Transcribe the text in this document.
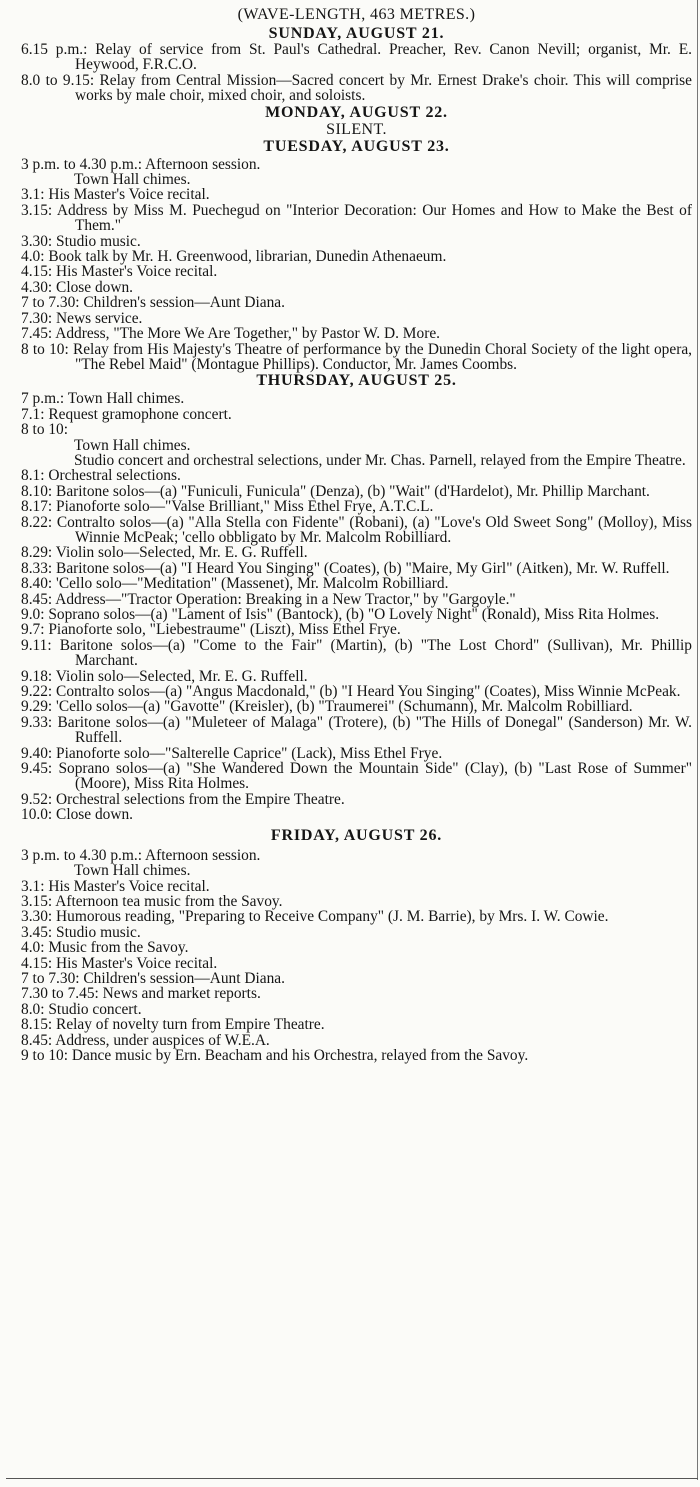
(WAVE-LENGTH, 463 METRES.)

SUNDAY, AUGUST 21.

6.15 p.m.: Relay of service from St. Paul's Cathedral. Preacher, Rev. Canon Nevill; organist, Mr. E. Heywood, F.R.C.O.

8.0 to 9.15: Relay from Central Mission—Sacred concert by Mr. Ernest Drake's choir. This will comprise works by male choir, mixed choir, and soloists.

MONDAY, AUGUST 22.

SILENT.

TUESDAY, AUGUST 23.

3 p.m. to 4.30 p.m.: Afternoon session.

Town Hall chimes.

3.1: His Master's Voice recital.

3.15: Address by Miss M. Puechegud on "Interior Decoration: Our Homes and How to Make the Best of Them."

3.30: Studio music.

4.0: Book talk by Mr. H. Greenwood, librarian, Dunedin Athenaeum.

4.15: His Master's Voice recital.

4.30: Close down.

7 to 7.30: Children's session—Aunt Diana.

7.30: News service.

7.45: Address, "The More We Are Together," by Pastor W. D. More.

8 to 10: Relay from His Majesty's Theatre of performance by the Dunedin Choral Society of the light opera, "The Rebel Maid" (Montague Phillips). Conductor, Mr. James Coombs.

THURSDAY, AUGUST 25.

7 p.m.: Town Hall chimes.

7.1: Request gramophone concert.

8 to 10:

Town Hall chimes.

Studio concert and orchestral selections, under Mr. Chas. Parnell, relayed from the Empire Theatre.

8.1: Orchestral selections.

8.10: Baritone solos—(a) "Funiculi, Funicula" (Denza), (b) "Wait" (d'Hardelot), Mr. Phillip Marchant.

8.17: Pianoforte solo—"Valse Brilliant," Miss Ethel Frye, A.T.C.L.

8.22: Contralto solos—(a) "Alla Stella con Fidente" (Robani), (a) "Love's Old Sweet Song" (Molloy), Miss Winnie McPeak; 'cello obbligato by Mr. Malcolm Robilliard.

8.29: Violin solo—Selected, Mr. E. G. Ruffell.

8.33: Baritone solos—(a) "I Heard You Singing" (Coates), (b) "Maire, My Girl" (Aitken), Mr. W. Ruffell.

8.40: 'Cello solo—"Meditation" (Massenet), Mr. Malcolm Robilliard.

8.45: Address—"Tractor Operation: Breaking in a New Tractor," by "Gargoyle."

9.0: Soprano solos—(a) "Lament of Isis" (Bantock), (b) "O Lovely Night" (Ronald), Miss Rita Holmes.

9.7: Pianoforte solo, "Liebestraume" (Liszt), Miss Ethel Frye.

9.11: Baritone solos—(a) "Come to the Fair" (Martin), (b) "The Lost Chord" (Sullivan), Mr. Phillip Marchant.

9.18: Violin solo—Selected, Mr. E. G. Ruffell.

9.22: Contralto solos—(a) "Angus Macdonald," (b) "I Heard You Singing" (Coates), Miss Winnie McPeak.

9.29: 'Cello solos—(a) "Gavotte" (Kreisler), (b) "Traumerei" (Schumann), Mr. Malcolm Robilliard.

9.33: Baritone solos—(a) "Muleteer of Malaga" (Trotere), (b) "The Hills of Donegal" (Sanderson) Mr. W. Ruffell.

9.40: Pianoforte solo—"Salterelle Caprice" (Lack), Miss Ethel Frye.

9.45: Soprano solos—(a) "She Wandered Down the Mountain Side" (Clay), (b) "Last Rose of Summer" (Moore), Miss Rita Holmes.

9.52: Orchestral selections from the Empire Theatre.

10.0: Close down.

FRIDAY, AUGUST 26.

3 p.m. to 4.30 p.m.: Afternoon session.

Town Hall chimes.

3.1: His Master's Voice recital.

3.15: Afternoon tea music from the Savoy.

3.30: Humorous reading, "Preparing to Receive Company" (J. M. Barrie), by Mrs. I. W. Cowie.

3.45: Studio music.

4.0: Music from the Savoy.

4.15: His Master's Voice recital.

7 to 7.30: Children's session—Aunt Diana.

7.30 to 7.45: News and market reports.

8.0: Studio concert.

8.15: Relay of novelty turn from Empire Theatre.

8.45: Address, under auspices of W.E.A.

9 to 10: Dance music by Ern. Beacham and his Orchestra, relayed from the Savoy.
